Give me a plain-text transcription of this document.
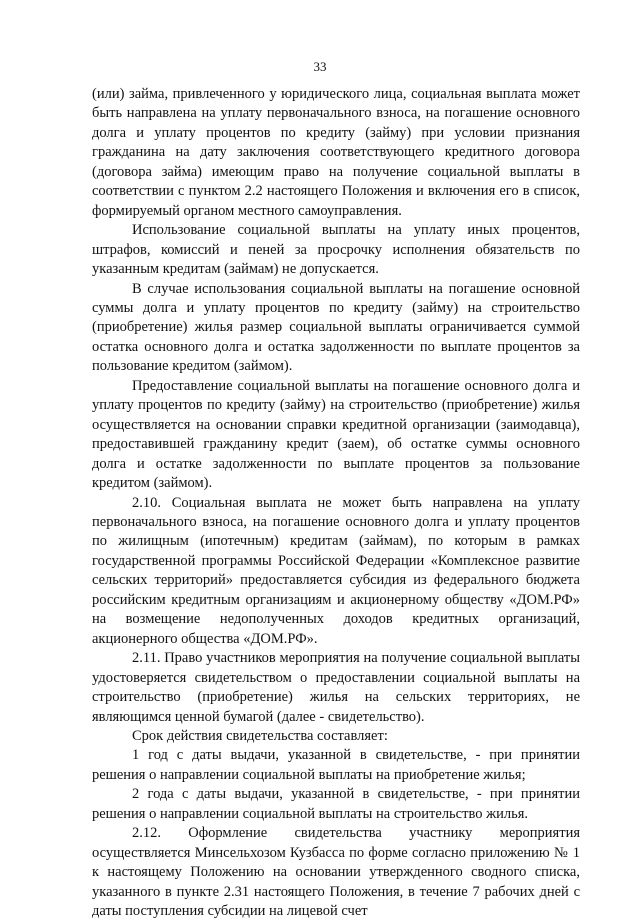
33

(или) займа, привлеченного у юридического лица, социальная выплата может быть направлена на уплату первоначального взноса, на погашение основного долга и уплату процентов по кредиту (займу) при условии признания гражданина на дату заключения соответствующего кредитного договора (договора займа) имеющим право на получение социальной выплаты в соответствии с пунктом 2.2 настоящего Положения и включения его в список, формируемый органом местного самоуправления.

Использование социальной выплаты на уплату иных процентов, штрафов, комиссий и пеней за просрочку исполнения обязательств по указанным кредитам (займам) не допускается.

В случае использования социальной выплаты на погашение основной суммы долга и уплату процентов по кредиту (займу) на строительство (приобретение) жилья размер социальной выплаты ограничивается суммой остатка основного долга и остатка задолженности по выплате процентов за пользование кредитом (займом).

Предоставление социальной выплаты на погашение основного долга и уплату процентов по кредиту (займу) на строительство (приобретение) жилья осуществляется на основании справки кредитной организации (заимодавца), предоставившей гражданину кредит (заем), об остатке суммы основного долга и остатке задолженности по выплате процентов за пользование кредитом (займом).

2.10. Социальная выплата не может быть направлена на уплату первоначального взноса, на погашение основного долга и уплату процентов по жилищным (ипотечным) кредитам (займам), по которым в рамках государственной программы Российской Федерации «Комплексное развитие сельских территорий» предоставляется субсидия из федерального бюджета российским кредитным организациям и акционерному обществу «ДОМ.РФ» на возмещение недополученных доходов кредитных организаций, акционерного общества «ДОМ.РФ».

2.11. Право участников мероприятия на получение социальной выплаты удостоверяется свидетельством о предоставлении социальной выплаты на строительство (приобретение) жилья на сельских территориях, не являющимся ценной бумагой (далее - свидетельство).

Срок действия свидетельства составляет:

1 год с даты выдачи, указанной в свидетельстве, - при принятии решения о направлении социальной выплаты на приобретение жилья;

2 года с даты выдачи, указанной в свидетельстве, - при принятии решения о направлении социальной выплаты на строительство жилья.

2.12. Оформление свидетельства участнику мероприятия осуществляется Минсельхозом Кузбасса по форме согласно приложению № 1 к настоящему Положению на основании утвержденного сводного списка, указанного в пункте 2.31 настоящего Положения, в течение 7 рабочих дней с даты поступления субсидии на лицевой счет
